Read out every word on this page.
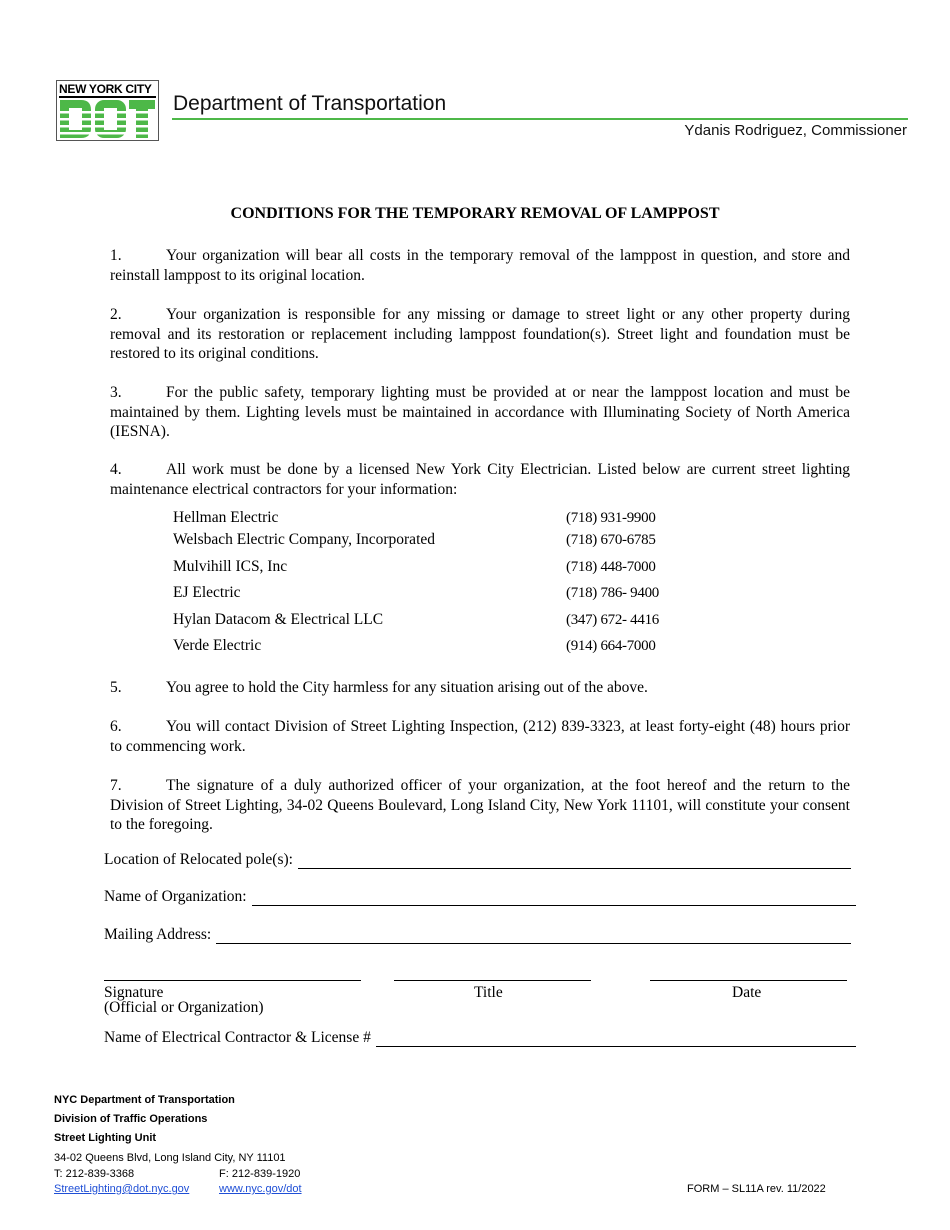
NEW YORK CITY
Department of Transportation
Ydanis Rodriguez, Commissioner
CONDITIONS FOR THE TEMPORARY REMOVAL OF LAMPPOST
1.	Your organization will bear all costs in the temporary removal of the lamppost in question, and store and reinstall lamppost to its original location.
2.	Your organization is responsible for any missing or damage to street light or any other property during removal and its restoration or replacement including lamppost foundation(s). Street light and foundation must be restored to its original conditions.
3.	For the public safety, temporary lighting must be provided at or near the lamppost location and must be maintained by them. Lighting levels must be maintained in accordance with Illuminating Society of North America (IESNA).
4.	All work must be done by a licensed New York City Electrician. Listed below are current street lighting maintenance electrical contractors for your information:
Hellman Electric	(718) 931-9900
Welsbach Electric Company, Incorporated	(718) 670-6785
Mulvihill ICS, Inc	(718) 448-7000
EJ Electric	(718) 786- 9400
Hylan Datacom & Electrical LLC	(347) 672- 4416
Verde Electric	(914) 664-7000
5.	You agree to hold the City harmless for any situation arising out of the above.
6.	You will contact Division of Street Lighting Inspection, (212) 839-3323, at least forty-eight (48) hours prior to commencing work.
7.	The signature of a duly authorized officer of your organization, at the foot hereof and the return to the Division of Street Lighting, 34-02 Queens Boulevard, Long Island City, New York 11101, will constitute your consent to the foregoing.
Location of Relocated pole(s):
Name of Organization:
Mailing Address:
Signature
(Official or Organization)
Title	Date
Name of Electrical Contractor & License #
NYC Department of Transportation
Division of Traffic Operations
Street Lighting Unit
34-02 Queens Blvd, Long Island City, NY 11101
T: 212-839-3368	F: 212-839-1920
StreetLighting@dot.nyc.gov	www.nyc.gov/dot	FORM – SL11A rev. 11/2022
